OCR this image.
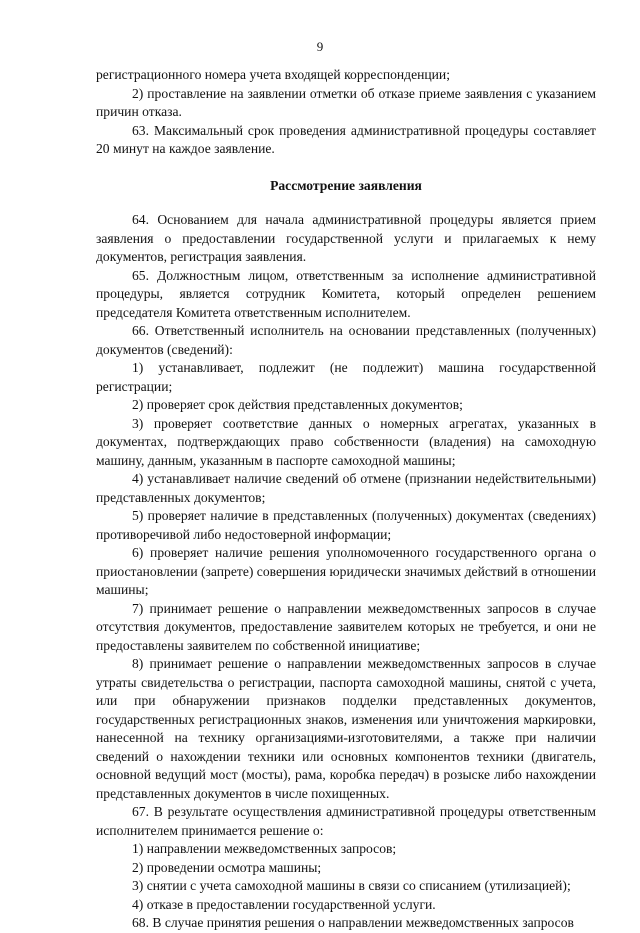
9

регистрационного номера учета входящей корреспонденции;

2) проставление на заявлении отметки об отказе приеме заявления с указанием причин отказа.

63. Максимальный срок проведения административной процедуры составляет 20 минут на каждое заявление.

Рассмотрение заявления

64. Основанием для начала административной процедуры является прием заявления о предоставлении государственной услуги и прилагаемых к нему документов, регистрация заявления.

65. Должностным лицом, ответственным за исполнение административной процедуры, является сотрудник Комитета, который определен решением председателя Комитета ответственным исполнителем.

66. Ответственный исполнитель на основании представленных (полученных) документов (сведений):

1) устанавливает, подлежит (не подлежит) машина государственной регистрации;

2) проверяет срок действия представленных документов;

3) проверяет соответствие данных о номерных агрегатах, указанных в документах, подтверждающих право собственности (владения) на самоходную машину, данным, указанным в паспорте самоходной машины;

4) устанавливает наличие сведений об отмене (признании недействительными) представленных документов;

5) проверяет наличие в представленных (полученных) документах (сведениях) противоречивой либо недостоверной информации;

6) проверяет наличие решения уполномоченного государственного органа о приостановлении (запрете) совершения юридически значимых действий в отношении машины;

7) принимает решение о направлении межведомственных запросов в случае отсутствия документов, предоставление заявителем которых не требуется, и они не предоставлены заявителем по собственной инициативе;

8) принимает решение о направлении межведомственных запросов в случае утраты свидетельства о регистрации, паспорта самоходной машины, снятой с учета, или при обнаружении признаков подделки представленных документов, государственных регистрационных знаков, изменения или уничтожения маркировки, нанесенной на технику организациями-изготовителями, а также при наличии сведений о нахождении техники или основных компонентов техники (двигатель, основной ведущий мост (мосты), рама, коробка передач) в розыске либо нахождении представленных документов в числе похищенных.

67. В результате осуществления административной процедуры ответственным исполнителем принимается решение о:

1) направлении межведомственных запросов;

2) проведении осмотра машины;

3) снятии с учета самоходной машины в связи со списанием (утилизацией);

4) отказе в предоставлении государственной услуги.

68. В случае принятия решения о направлении межведомственных запросов
